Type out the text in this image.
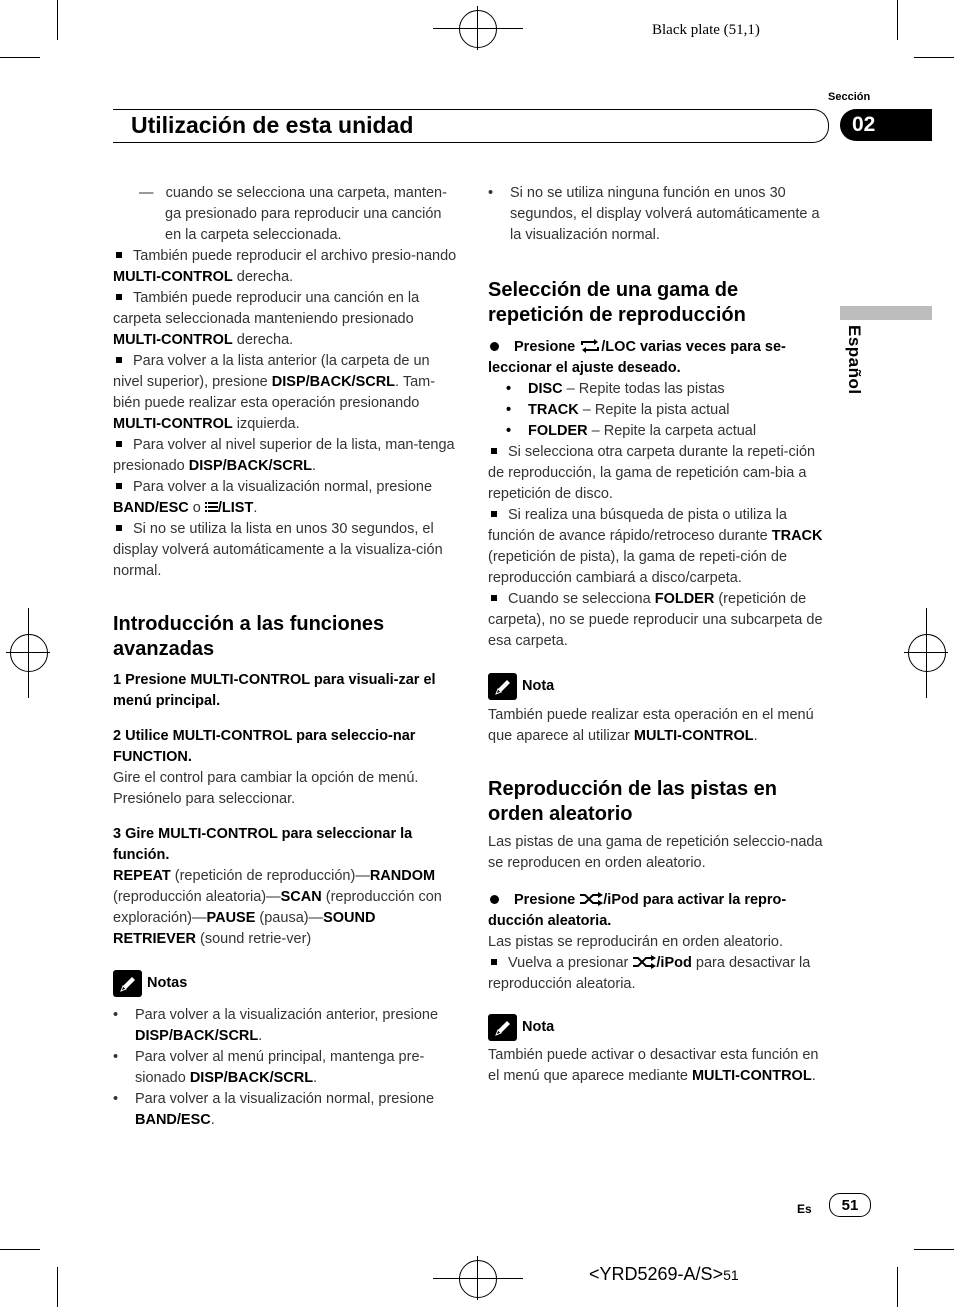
Black plate (51,1)
Sección
Utilización de esta unidad	02
Español

—   cuando se selecciona una carpeta, manten-ga presionado para reproducir una canción en la carpeta seleccionada.

También puede reproducir el archivo presio-nando MULTI-CONTROL derecha.

También puede reproducir una canción en la carpeta seleccionada manteniendo presionado MULTI-CONTROL derecha.

Para volver a la lista anterior (la carpeta de un nivel superior), presione DISP/BACK/SCRL. Tam-bién puede realizar esta operación presionando MULTI-CONTROL izquierda.

Para volver al nivel superior de la lista, man-tenga presionado DISP/BACK/SCRL.

Para volver a la visualización normal, presione BAND/ESC o /LIST.

Si no se utiliza la lista en unos 30 segundos, el display volverá automáticamente a la visualiza-ción normal.

Introducción a las funciones avanzadas

1 Presione MULTI-CONTROL para visuali-zar el menú principal.

2 Utilice MULTI-CONTROL para seleccio-nar FUNCTION.

Gire el control para cambiar la opción de menú. Presiónelo para seleccionar.

3 Gire MULTI-CONTROL para seleccionar la función.

REPEAT (repetición de reproducción)—RANDOM (reproducción aleatoria)—SCAN (reproducción con exploración)—PAUSE (pausa)—SOUND RETRIEVER (sound retrie-ver)

Notas

• Para volver a la visualización anterior, presione DISP/BACK/SCRL.

• Para volver al menú principal, mantenga pre-sionado DISP/BACK/SCRL.

• Para volver a la visualización normal, presione BAND/ESC.

• Si no se utiliza ninguna función en unos 30 segundos, el display volverá automáticamente a la visualización normal.

Selección de una gama de repetición de reproducción

Presione /LOC varias veces para se-leccionar el ajuste deseado.

• DISC – Repite todas las pistas

• TRACK – Repite la pista actual

• FOLDER – Repite la carpeta actual

Si selecciona otra carpeta durante la repeti-ción de reproducción, la gama de repetición cam-bia a repetición de disco.

Si realiza una búsqueda de pista o utiliza la función de avance rápido/retroceso durante TRACK (repetición de pista), la gama de repeti-ción de reproducción cambiará a disco/carpeta.

Cuando se selecciona FOLDER (repetición de carpeta), no se puede reproducir una subcarpeta de esa carpeta.

Nota

También puede realizar esta operación en el menú que aparece al utilizar MULTI-CONTROL.

Reproducción de las pistas en orden aleatorio

Las pistas de una gama de repetición seleccio-nada se reproducen en orden aleatorio.

Presione /iPod para activar la repro-ducción aleatoria.

Las pistas se reproducirán en orden aleatorio.

Vuelva a presionar /iPod para desactivar la reproducción aleatoria.

Nota

También puede activar o desactivar esta función en el menú que aparece mediante MULTI-CONTROL.

Es	51
<YRD5269-A/S>51
